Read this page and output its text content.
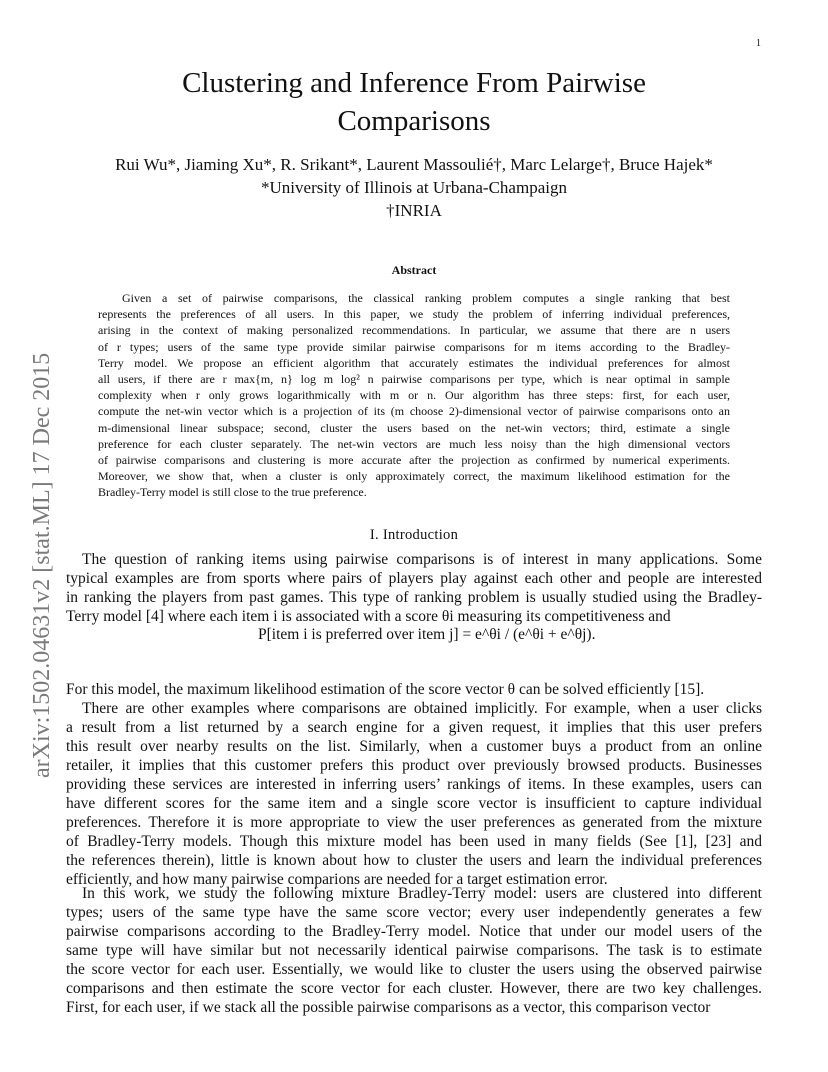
1
arXiv:1502.04631v2 [stat.ML] 17 Dec 2015
Clustering and Inference From Pairwise
Comparisons
Rui Wu*, Jiaming Xu*, R. Srikant*, Laurent Massoulié†, Marc Lelarge†, Bruce Hajek*
*University of Illinois at Urbana-Champaign
†INRIA
Abstract
Given a set of pairwise comparisons, the classical ranking problem computes a single ranking that best
represents the preferences of all users. In this paper, we study the problem of inferring individual preferences,
arising in the context of making personalized recommendations. In particular, we assume that there are n users
of r types; users of the same type provide similar pairwise comparisons for m items according to the Bradley-
Terry model. We propose an efficient algorithm that accurately estimates the individual preferences for almost
all users, if there are r max{m, n} log m log² n pairwise comparisons per type, which is near optimal in sample
complexity when r only grows logarithmically with m or n. Our algorithm has three steps: first, for each user,
compute the net-win vector which is a projection of its (m choose 2)-dimensional vector of pairwise comparisons onto an
m-dimensional linear subspace; second, cluster the users based on the net-win vectors; third, estimate a single
preference for each cluster separately. The net-win vectors are much less noisy than the high dimensional vectors
of pairwise comparisons and clustering is more accurate after the projection as confirmed by numerical experiments.
Moreover, we show that, when a cluster is only approximately correct, the maximum likelihood estimation for the
Bradley-Terry model is still close to the true preference.
I. Introduction
The question of ranking items using pairwise comparisons is of interest in many applications. Some
typical examples are from sports where pairs of players play against each other and people are interested
in ranking the players from past games. This type of ranking problem is usually studied using the Bradley-
Terry model [4] where each item i is associated with a score θi measuring its competitiveness and
P[item i is preferred over item j] = e^θi / (e^θi + e^θj).
For this model, the maximum likelihood estimation of the score vector θ can be solved efficiently [15].
There are other examples where comparisons are obtained implicitly. For example, when a user clicks
a result from a list returned by a search engine for a given request, it implies that this user prefers
this result over nearby results on the list. Similarly, when a customer buys a product from an online
retailer, it implies that this customer prefers this product over previously browsed products. Businesses
providing these services are interested in inferring users’ rankings of items. In these examples, users can
have different scores for the same item and a single score vector is insufficient to capture individual
preferences. Therefore it is more appropriate to view the user preferences as generated from the mixture
of Bradley-Terry models. Though this mixture model has been used in many fields (See [1], [23] and
the references therein), little is known about how to cluster the users and learn the individual preferences
efficiently, and how many pairwise comparions are needed for a target estimation error.
In this work, we study the following mixture Bradley-Terry model: users are clustered into different
types; users of the same type have the same score vector; every user independently generates a few
pairwise comparisons according to the Bradley-Terry model. Notice that under our model users of the
same type will have similar but not necessarily identical pairwise comparisons. The task is to estimate
the score vector for each user. Essentially, we would like to cluster the users using the observed pairwise
comparisons and then estimate the score vector for each cluster. However, there are two key challenges.
First, for each user, if we stack all the possible pairwise comparisons as a vector, this comparison vector
